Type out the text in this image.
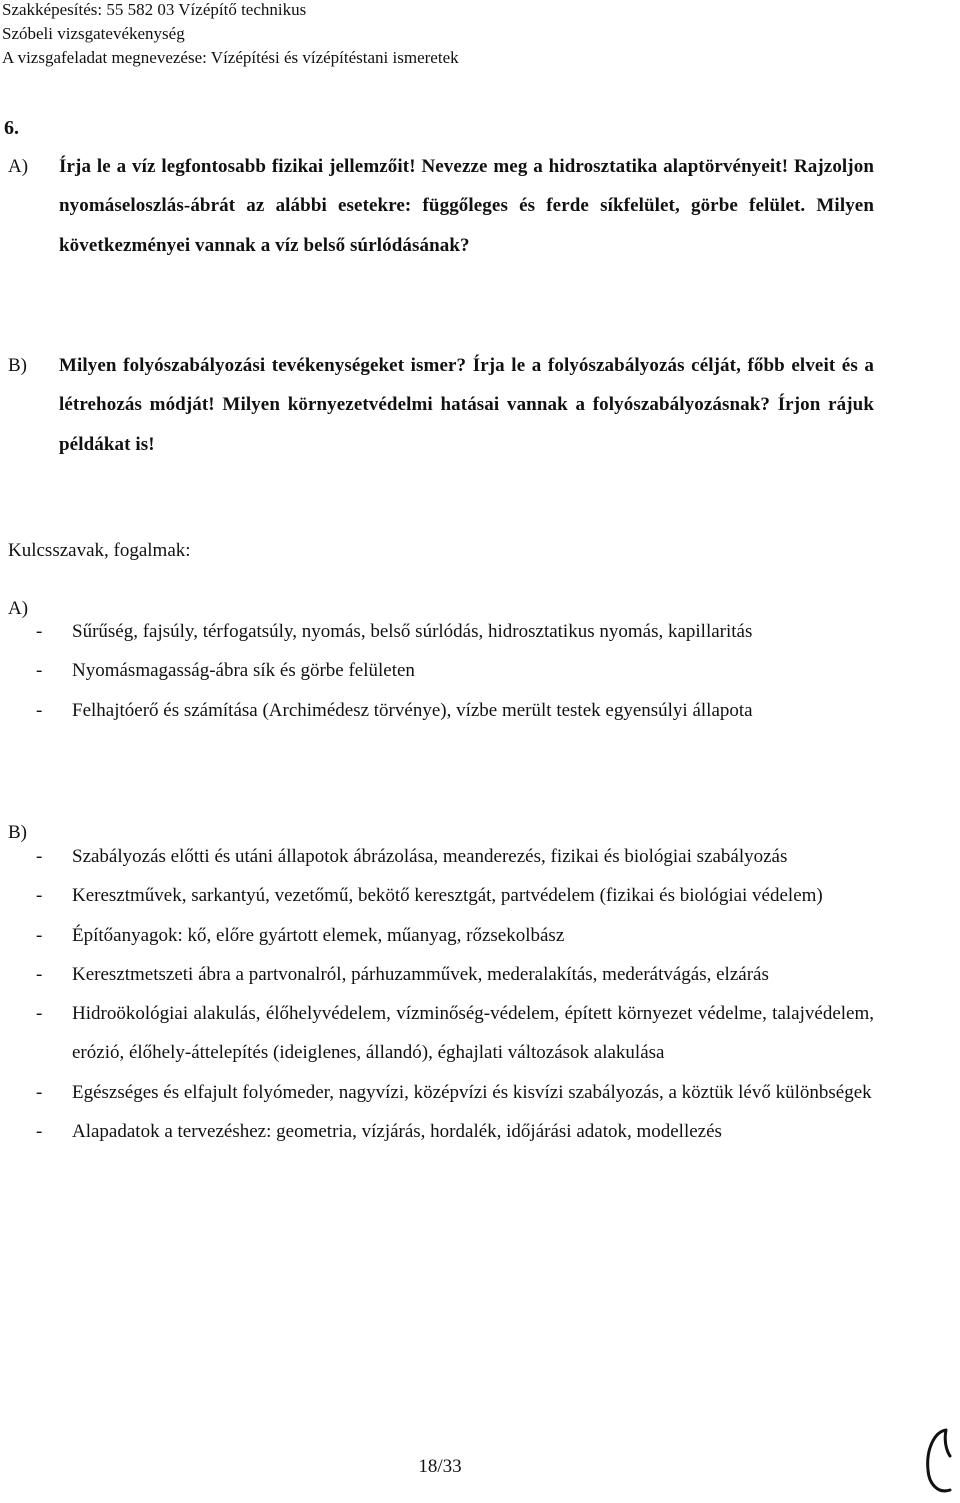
Szakképesítés: 55 582 03 Vízépítő technikus
Szóbeli vizsgatevékenység
A vizsgafeladat megnevezése: Vízépítési és vízépítéstani ismeretek
6.
A) Írja le a víz legfontosabb fizikai jellemzőit! Nevezze meg a hidrosztatika alaptörvényeit! Rajzoljon nyomáseloszlás-ábrát az alábbi esetekre: függőleges és ferde síkfelület, görbe felület. Milyen következményei vannak a víz belső súrlódásának?
B) Milyen folyószabályozási tevékenységeket ismer? Írja le a folyószabályozás célját, főbb elveit és a létrehozás módját! Milyen környezetvédelmi hatásai vannak a folyószabályozásnak? Írjon rájuk példákat is!
Kulcsszavak, fogalmak:
A)
- Sűrűség, fajsúly, térfogatsúly, nyomás, belső súrlódás, hidrosztatikus nyomás, kapillaritás
- Nyomásmagasság-ábra sík és görbe felületen
- Felhajtóerő és számítása (Archimédesz törvénye), vízbe merült testek egyensúlyi állapota
B)
- Szabályozás előtti és utáni állapotok ábrázolása, meanderezés, fizikai és biológiai szabályozás
- Keresztművek, sarkantyú, vezetőmű, bekötő keresztgát, partvédelem (fizikai és biológiai védelem)
- Építőanyagok: kő, előre gyártott elemek, műanyag, rőzsekolbász
- Keresztmetszeti ábra a partvonalról, párhuzamművek, mederalakítás, mederátvágás, elzárás
- Hidroökológiai alakulás, élőhelyvédelem, vízminőség-védelem, épített környezet védelme, talajvédelem, erózió, élőhely-áttelepítés (ideiglenes, állandó), éghajlati változások alakulása
- Egészséges és elfajult folyómeder, nagyvízi, középvízi és kisvízi szabályozás, a köztük lévő különbségek
- Alapadatok a tervezéshez: geometria, vízjárás, hordalék, időjárási adatok, modellezés
18/33
